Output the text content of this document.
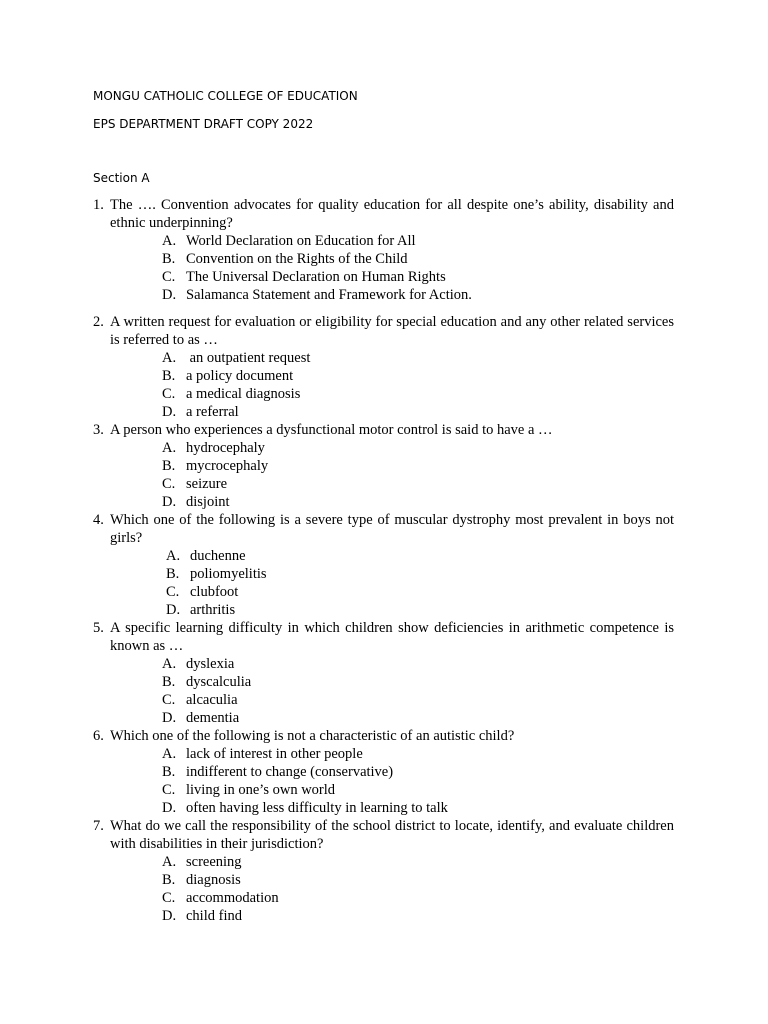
MONGU CATHOLIC COLLEGE OF EDUCATION
EPS DEPARTMENT DRAFT COPY 2022
Section A
1. The …. Convention advocates for quality education for all despite one’s ability, disability and ethnic underpinning?
A. World Declaration on Education for All
B. Convention on the Rights of the Child
C. The Universal Declaration on Human Rights
D. Salamanca Statement and Framework for Action.
2. A written request for evaluation or eligibility for special education and any other related services is referred to as …
A. an outpatient request
B. a policy document
C. a medical diagnosis
D. a referral
3. A person who experiences a dysfunctional motor control is said to have a …
A. hydrocephaly
B. mycrocephaly
C. seizure
D. disjoint
4. Which one of the following is a severe type of muscular dystrophy most prevalent in boys not girls?
A. duchenne
B. poliomyelitis
C. clubfoot
D. arthritis
5. A specific learning difficulty in which children show deficiencies in arithmetic competence is known as …
A. dyslexia
B. dyscalculia
C. alcaculia
D. dementia
6. Which one of the following is not a characteristic of an autistic child?
A. lack of interest in other people
B. indifferent to change (conservative)
C. living in one’s own world
D. often having less difficulty in learning to talk
7. What do we call the responsibility of the school district to locate, identify, and evaluate children with disabilities in their jurisdiction?
A. screening
B. diagnosis
C. accommodation
D. child find
